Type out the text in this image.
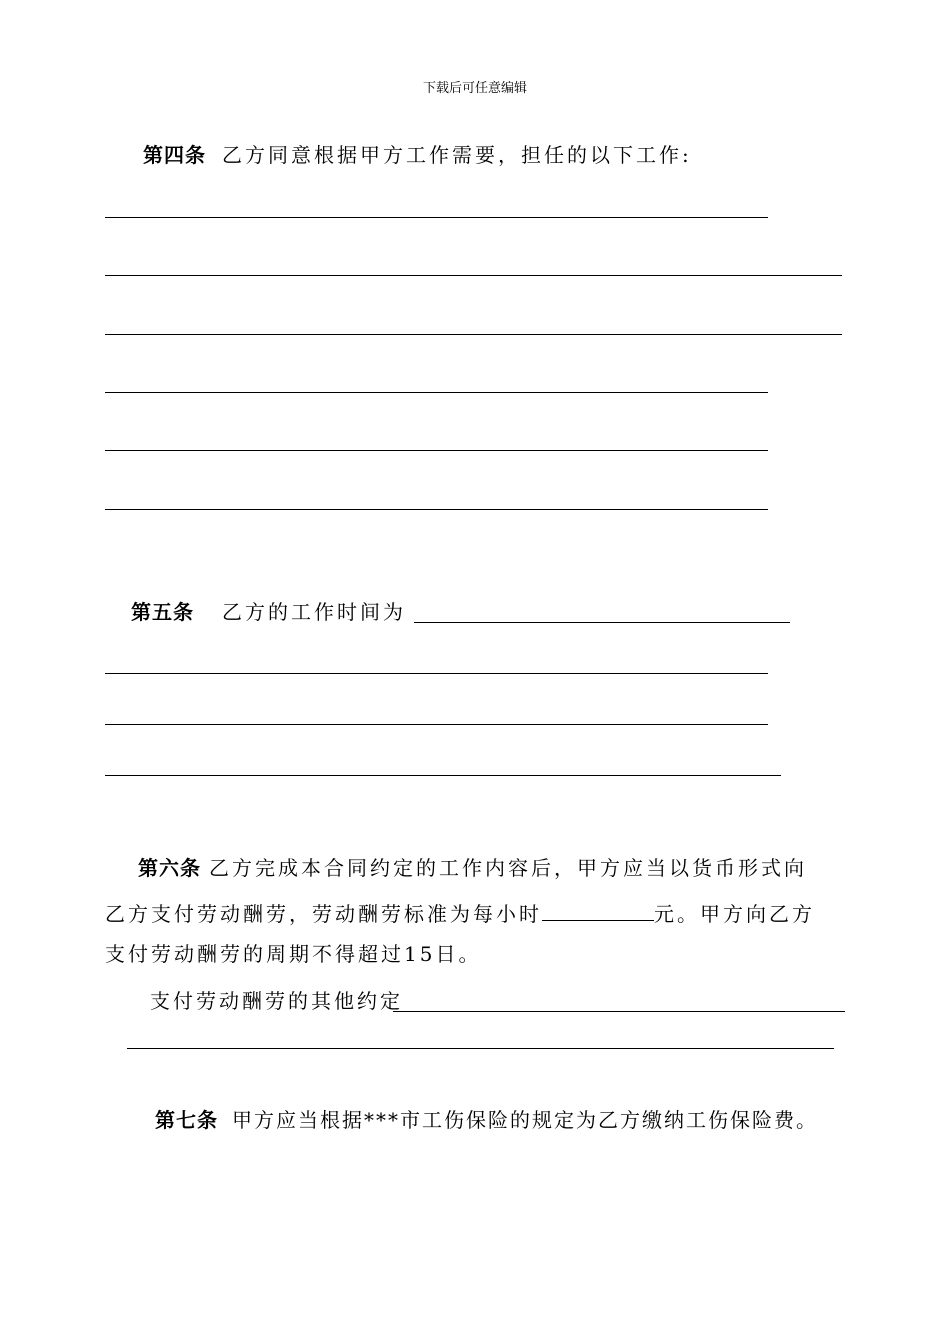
下载后可任意编辑
第四条 乙方同意根据甲方工作需要，担任的以下工作:
第五条 乙方的工作时间为
第六条 乙方完成本合同约定的工作内容后，甲方应当以货币形式向
乙方支付劳动酬劳，劳动酬劳标准为每小时	元。甲方向乙方
支付劳动酬劳的周期不得超过15日。
支付劳动酬劳的其他约定
第七条 甲方应当根据***市工伤保险的规定为乙方缴纳工伤保险费。
